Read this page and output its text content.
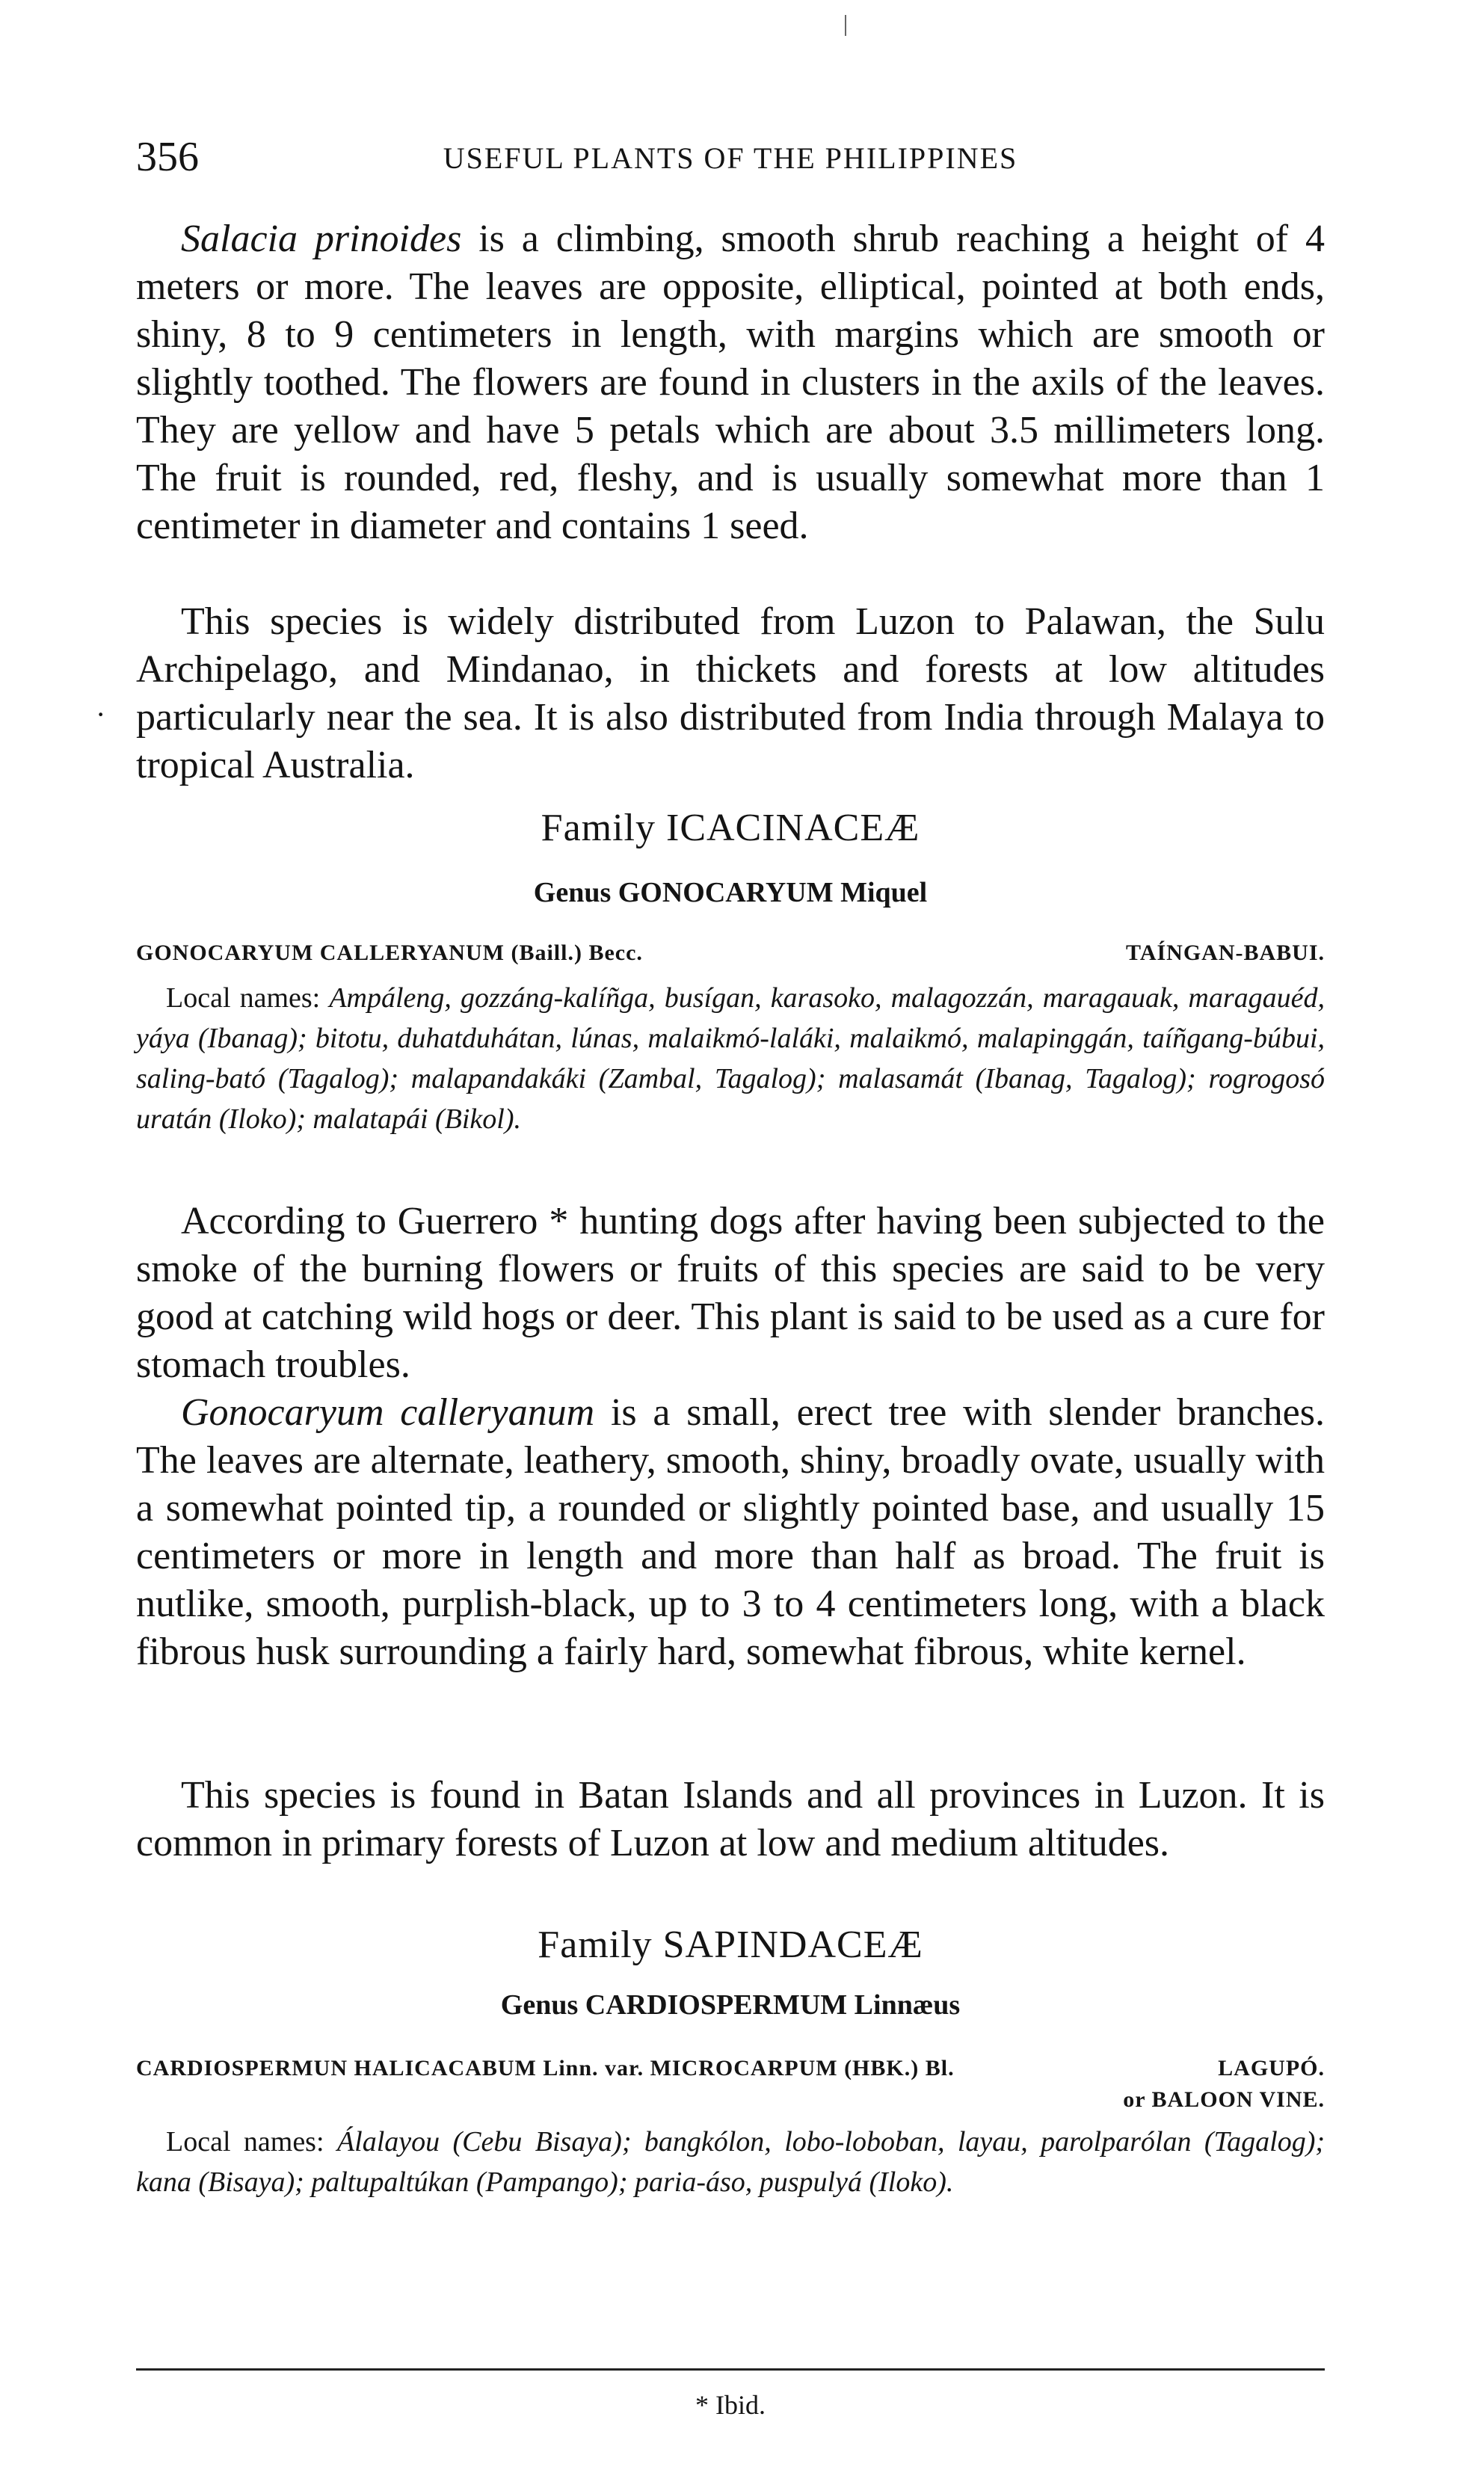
356	USEFUL PLANTS OF THE PHILIPPINES
Salacia prinoides is a climbing, smooth shrub reaching a height of 4 meters or more. The leaves are opposite, elliptical, pointed at both ends, shiny, 8 to 9 centimeters in length, with margins which are smooth or slightly toothed. The flowers are found in clusters in the axils of the leaves. They are yellow and have 5 petals which are about 3.5 millimeters long. The fruit is rounded, red, fleshy, and is usually somewhat more than 1 centimeter in diameter and contains 1 seed.
This species is widely distributed from Luzon to Palawan, the Sulu Archipelago, and Mindanao, in thickets and forests at low altitudes particularly near the sea. It is also distributed from India through Malaya to tropical Australia.
·
Family ICACINACEÆ
Genus GONOCARYUM Miquel
GONOCARYUM CALLERYANUM (Baill.) Becc.	TAÍNGAN-BABUI.
Local names: Ampáleng, gozzáng-kalíñga, busígan, karasoko, malagozzán, maragauak, maragauéd, yáya (Ibanag); bitotu, duhatduhátan, lúnas, malaikmó-laláki, malaikmó, malapinggán, taíñgang-búbui, saling-bató (Tagalog); malapandakáki (Zambal, Tagalog); malasamát (Ibanag, Tagalog); rogrogosó uratán (Iloko); malatapái (Bikol).
According to Guerrero * hunting dogs after having been subjected to the smoke of the burning flowers or fruits of this species are said to be very good at catching wild hogs or deer. This plant is said to be used as a cure for stomach troubles.
Gonocaryum calleryanum is a small, erect tree with slender branches. The leaves are alternate, leathery, smooth, shiny, broadly ovate, usually with a somewhat pointed tip, a rounded or slightly pointed base, and usually 15 centimeters or more in length and more than half as broad. The fruit is nutlike, smooth, purplish-black, up to 3 to 4 centimeters long, with a black fibrous husk surrounding a fairly hard, somewhat fibrous, white kernel.
This species is found in Batan Islands and all provinces in Luzon. It is common in primary forests of Luzon at low and medium altitudes.
Family SAPINDACEÆ
Genus CARDIOSPERMUM Linnæus
CARDIOSPERMUN HALICACABUM Linn. var. MICROCARPUM (HBK.) Bl.	LAGUPÓ.
or BALOON VINE.
Local names: Álalayou (Cebu Bisaya); bangkólon, lobo-loboban, layau, parolparólan (Tagalog); kana (Bisaya); paltupaltúkan (Pampango); paria-áso, puspulyá (Iloko).
* Ibid.
